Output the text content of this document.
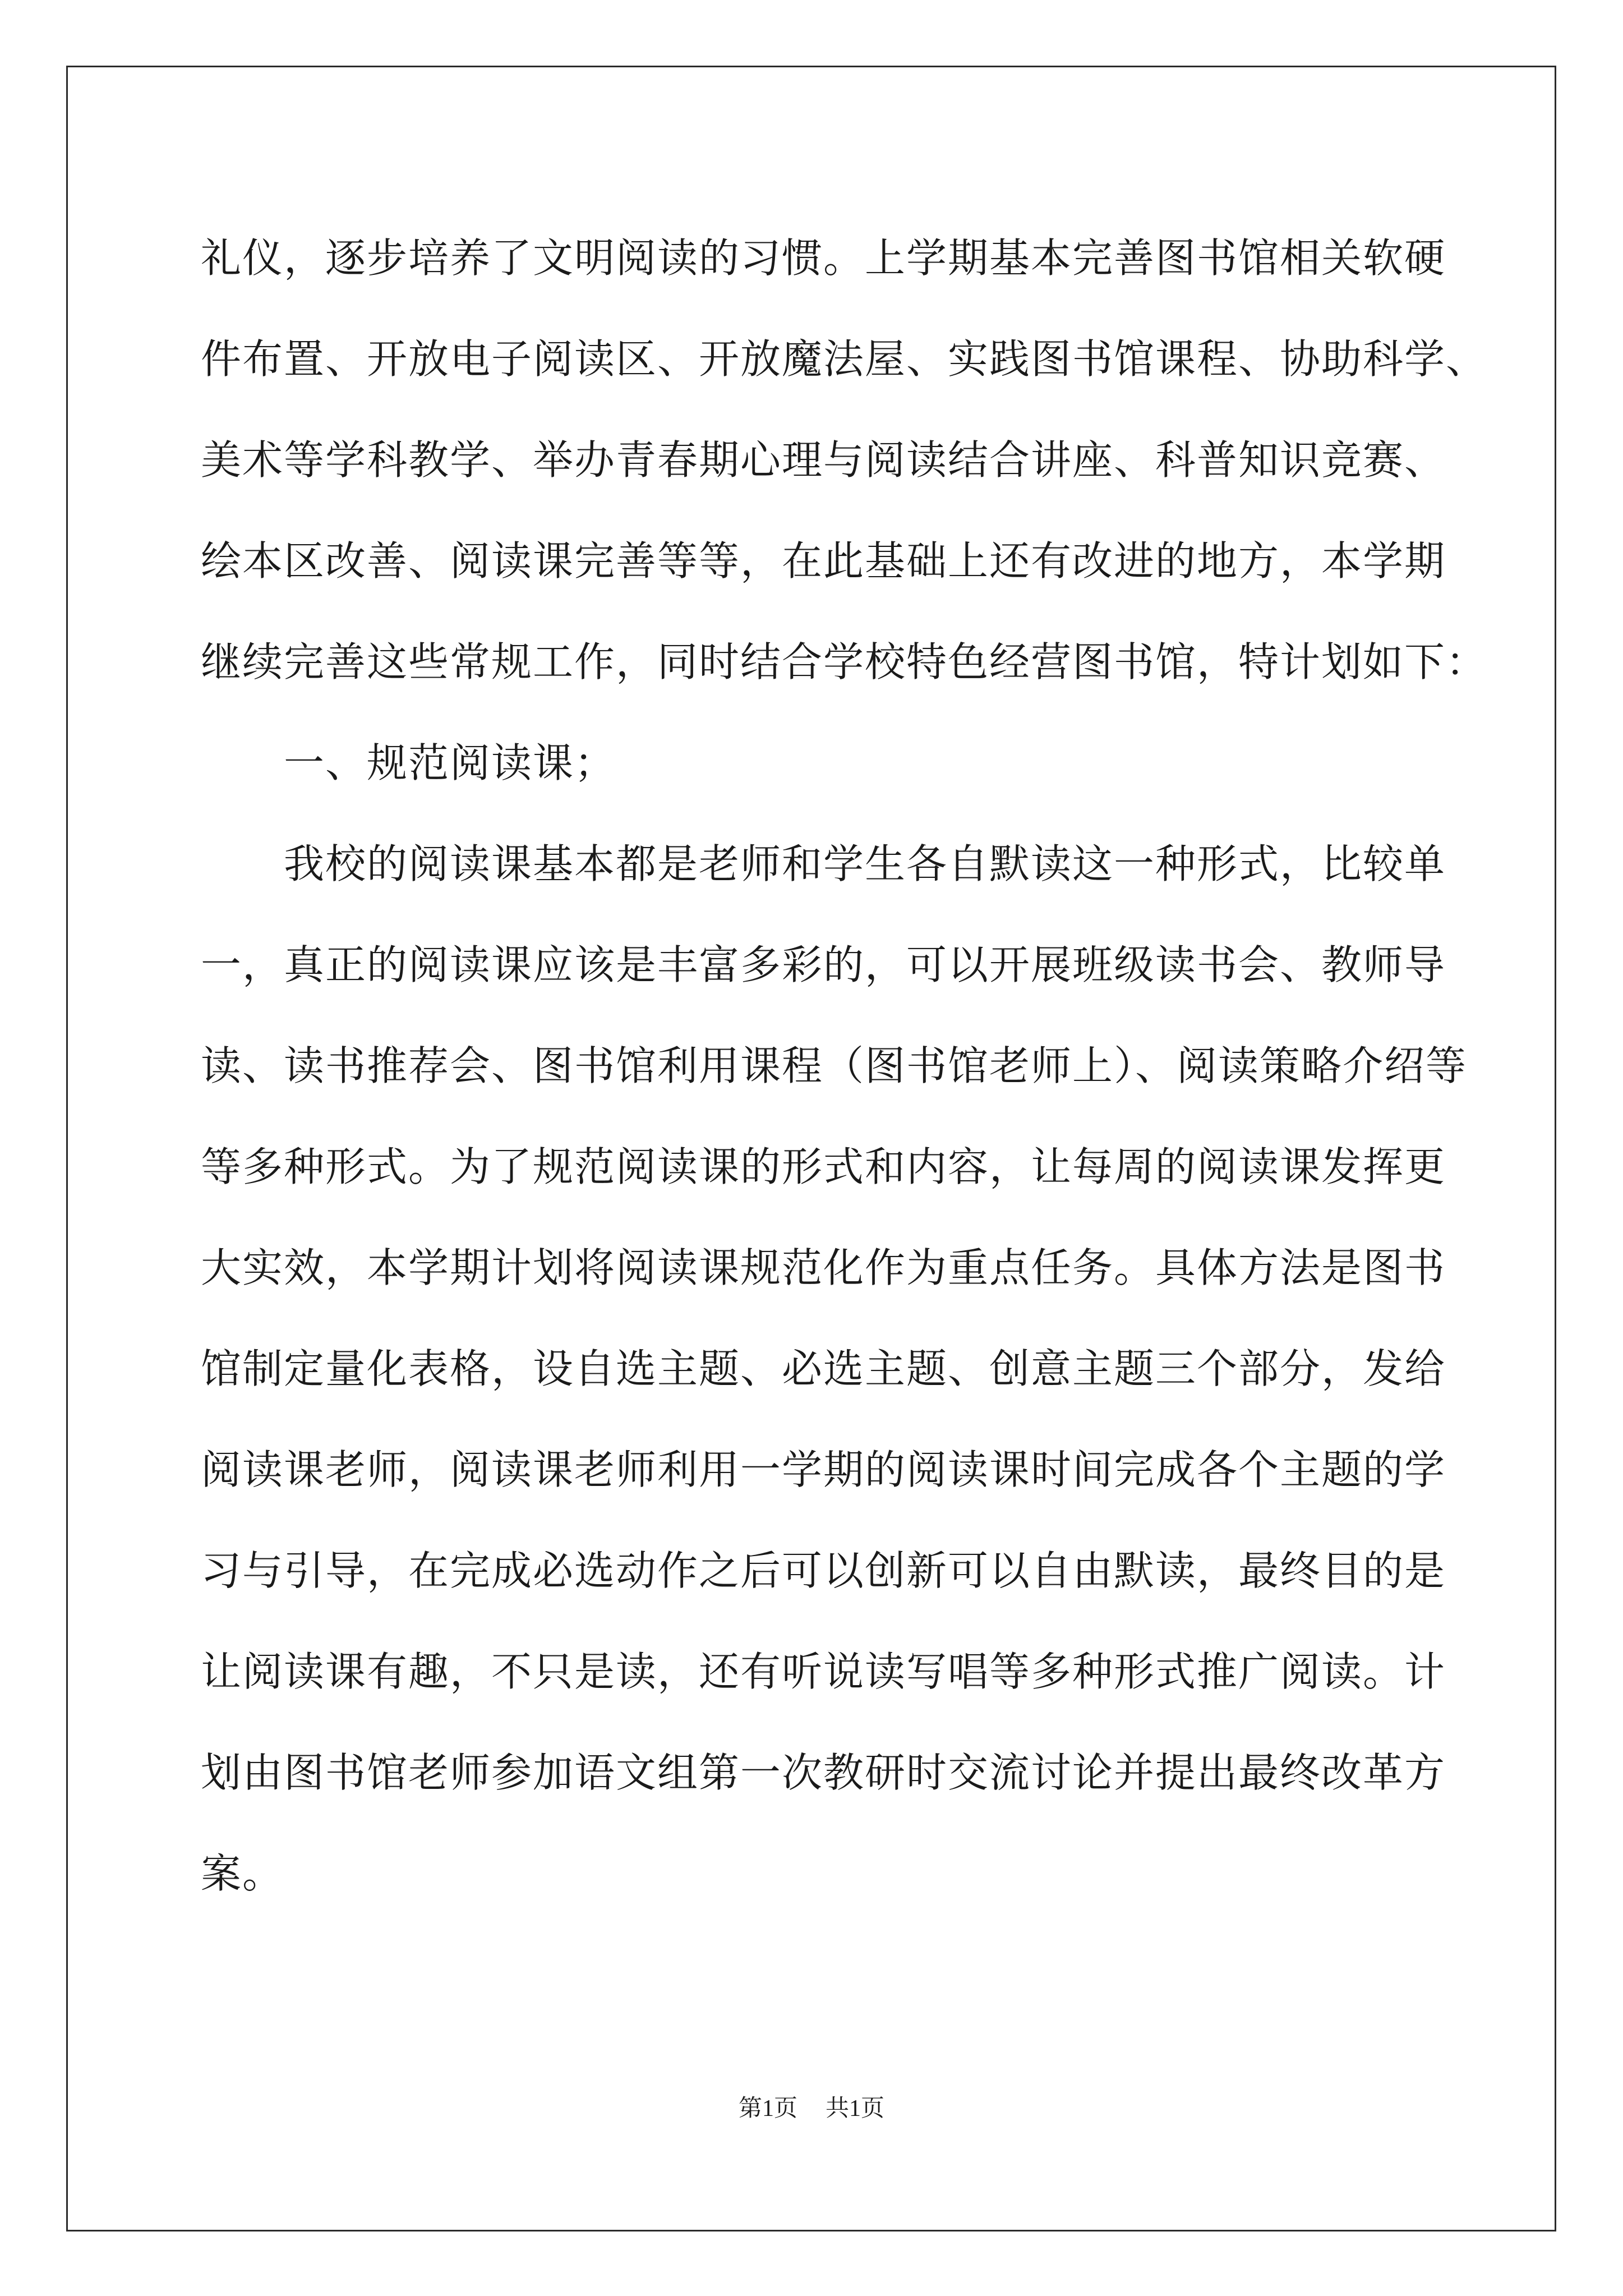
礼仪，逐步培养了文明阅读的习惯。上学期基本完善图书馆相关软硬
件布置、开放电子阅读区、开放魔法屋、实践图书馆课程、协助科学、
美术等学科教学、举办青春期心理与阅读结合讲座、科普知识竞赛、
绘本区改善、阅读课完善等等，在此基础上还有改进的地方，本学期
继续完善这些常规工作，同时结合学校特色经营图书馆，特计划如下：
　　一、规范阅读课；
　　我校的阅读课基本都是老师和学生各自默读这一种形式，比较单
一，真正的阅读课应该是丰富多彩的，可以开展班级读书会、教师导
读、读书推荐会、图书馆利用课程（图书馆老师上）、阅读策略介绍等
等多种形式。为了规范阅读课的形式和内容，让每周的阅读课发挥更
大实效，本学期计划将阅读课规范化作为重点任务。具体方法是图书
馆制定量化表格，设自选主题、必选主题、创意主题三个部分，发给
阅读课老师，阅读课老师利用一学期的阅读课时间完成各个主题的学
习与引导，在完成必选动作之后可以创新可以自由默读，最终目的是
让阅读课有趣，不只是读，还有听说读写唱等多种形式推广阅读。计
划由图书馆老师参加语文组第一次教研时交流讨论并提出最终改革方
案。
第1页 共1页
